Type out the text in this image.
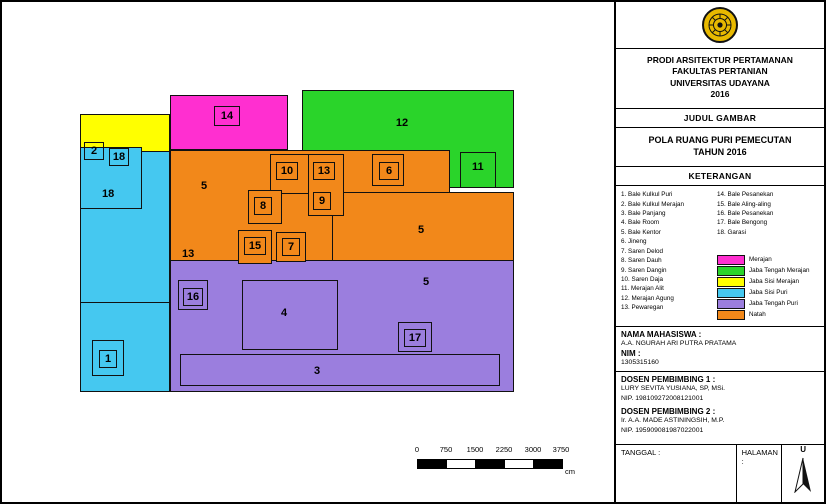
2	18
14
12
18
5
10	13	6	11
8	9
5
13
15	7
5
16
4
17
1
3
0	750 1500 2250 3000 3750
cm
PRODI ARSITEKTUR PERTAMANAN
FAKULTAS PERTANIAN
UNIVERSITAS UDAYANA
2016
JUDUL GAMBAR
POLA RUANG PURI PEMECUTAN
TAHUN 2016
KETERANGAN
1. Bale Kulkul Puri
2. Bale Kulkul Merajan
3. Bale Panjang
4. Bale Room
5. Bale Kentor
6. Jineng
7. Saren Delod
8. Saren Dauh
9. Saren Dangin
10. Saren Daja
11. Merajan Alit
12. Merajan Agung
13. Pewaregan
14. Bale Pesanekan
15. Bale Aling-aling
16. Bale Pesanekan
17. Bale Bengong
18. Garasi
Merajan
Jaba Tengah Merajan
Jaba Sisi Merajan
Jaba Sisi Puri
Jaba Tengah Puri
Natah
NAMA MAHASISWA :
A.A. NGURAH ARI PUTRA PRATAMA
NIM :
1305315160
DOSEN PEMBIMBING 1 :
LURY SEVITA YUSIANA, SP, MSi.
NIP. 198109272008121001
DOSEN PEMBIMBING 2 :
Ir. A.A. MADE ASTININGSIH, M.P.
NIP. 195909081987022001
TANGGAL :	HALAMAN :
U
